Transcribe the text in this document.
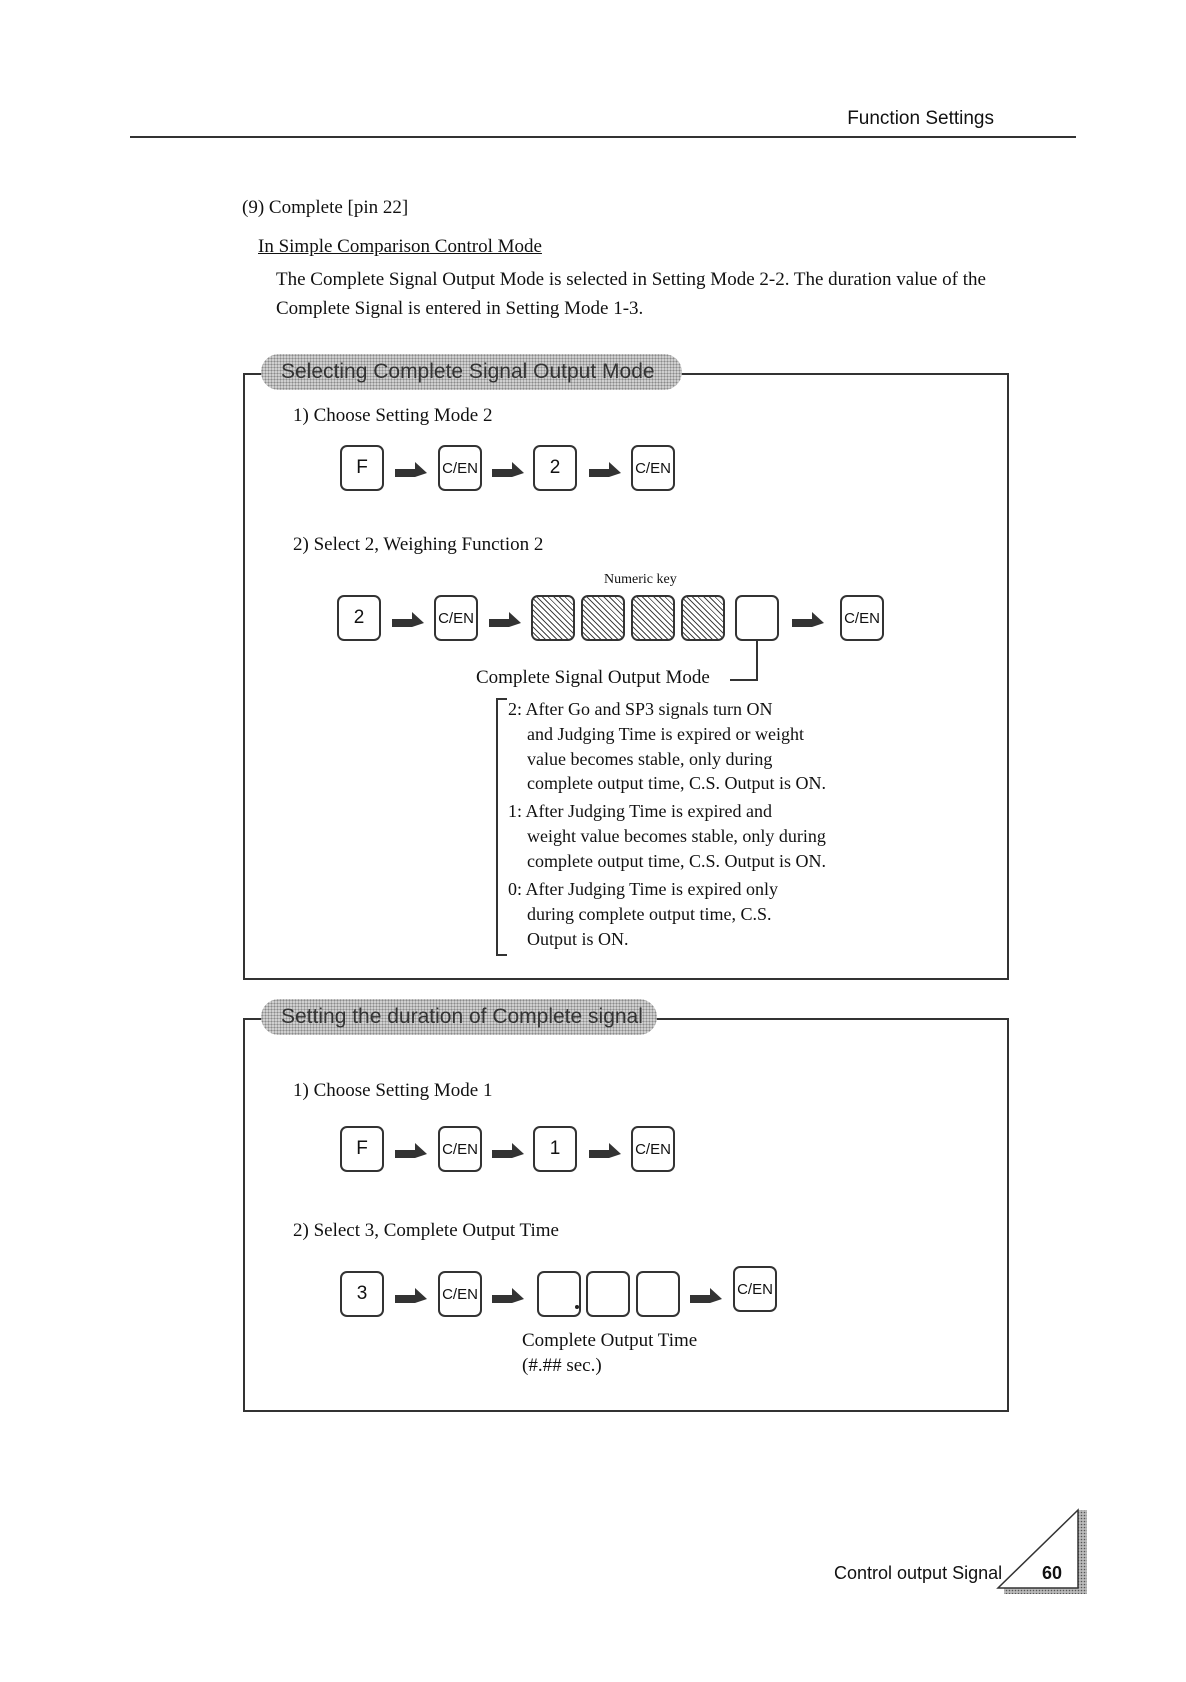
Function Settings
(9) Complete [pin 22]
In Simple Comparison Control Mode
The Complete Signal Output Mode is selected in Setting Mode 2-2. The duration value of the
Complete Signal is entered in Setting Mode 1-3.
Selecting Complete Signal Output Mode
1) Choose Setting Mode 2
F	C/EN	2	C/EN
2) Select 2, Weighing Function 2
Numeric key
2	C/EN	C/EN
Complete Signal Output Mode
2: After Go and SP3 signals turn ON
and Judging Time is expired or weight
value becomes stable, only during
complete output time, C.S. Output is ON.
1: After Judging Time is expired and
weight value becomes stable, only during
complete output time, C.S. Output is ON.
0: After Judging Time is expired only
during complete output time, C.S.
Output is ON.
Setting the duration of Complete signal
1) Choose Setting Mode 1
F	C/EN	1	C/EN
2) Select 3, Complete Output Time
3	C/EN	C/EN
Complete Output Time
(#.## sec.)
Control output Signal 60
